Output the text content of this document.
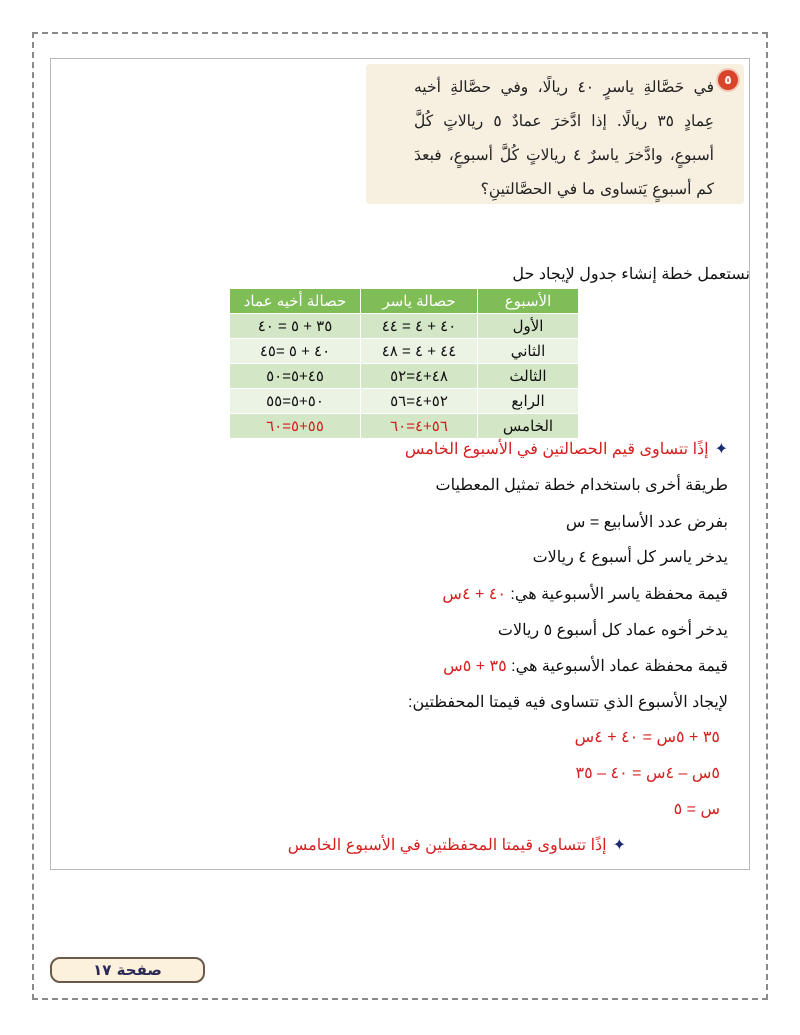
٥
في حَصَّالةِ ياسرٍ ٤٠ ريالًا، وفي حصَّالةِ أخيه عِمادٍ ٣٥ ريالًا. إذا ادَّخرَ عمادٌ ٥ ريالاتٍ كُلَّ أسبوعٍ، وادَّخرَ ياسرٌ ٤ ريالاتٍ كُلَّ أسبوعٍ، فبعدَ كم أسبوعٍ يَتساوى ما في الحصَّالتينِ؟
نستعمل خطة إنشاء جدول لإيجاد حل
الأسبوع	حصالة ياسر	حصالة أخيه عماد
الأول	٤٠ + ٤ = ٤٤	٣٥ + ٥ = ٤٠
الثاني	٤٤ + ٤ = ٤٨	٤٠ + ٥ =٤٥
الثالث	٤٨+٤=٥٢	٤٥+٥=٥٠
الرابع	٥٢+٤=٥٦	٥٠+٥=٥٥
الخامس	٥٦+٤=٦٠	٥٥+٥=٦٠
✦إذًا تتساوى قيم الحصالتين في الأسبوع الخامس
طريقة أخرى باستخدام خطة تمثيل المعطيات
بفرض عدد الأسابيع = س
يدخر ياسر كل أسبوع ٤ ريالات
قيمة محفظة ياسر الأسبوعية هي: ٤٠ + ٤س
يدخر أخوه عماد كل أسبوع ٥ ريالات
قيمة محفظة عماد الأسبوعية هي: ٣٥ + ٥س
لإيجاد الأسبوع الذي تتساوى فيه قيمتا المحفظتين:
٣٥ + ٥س = ٤٠ + ٤س
٥س – ٤س = ٤٠ – ٣٥
س = ٥
✦إذًا تتساوى قيمتا المحفظتين في الأسبوع الخامس
صفحة ١٧
